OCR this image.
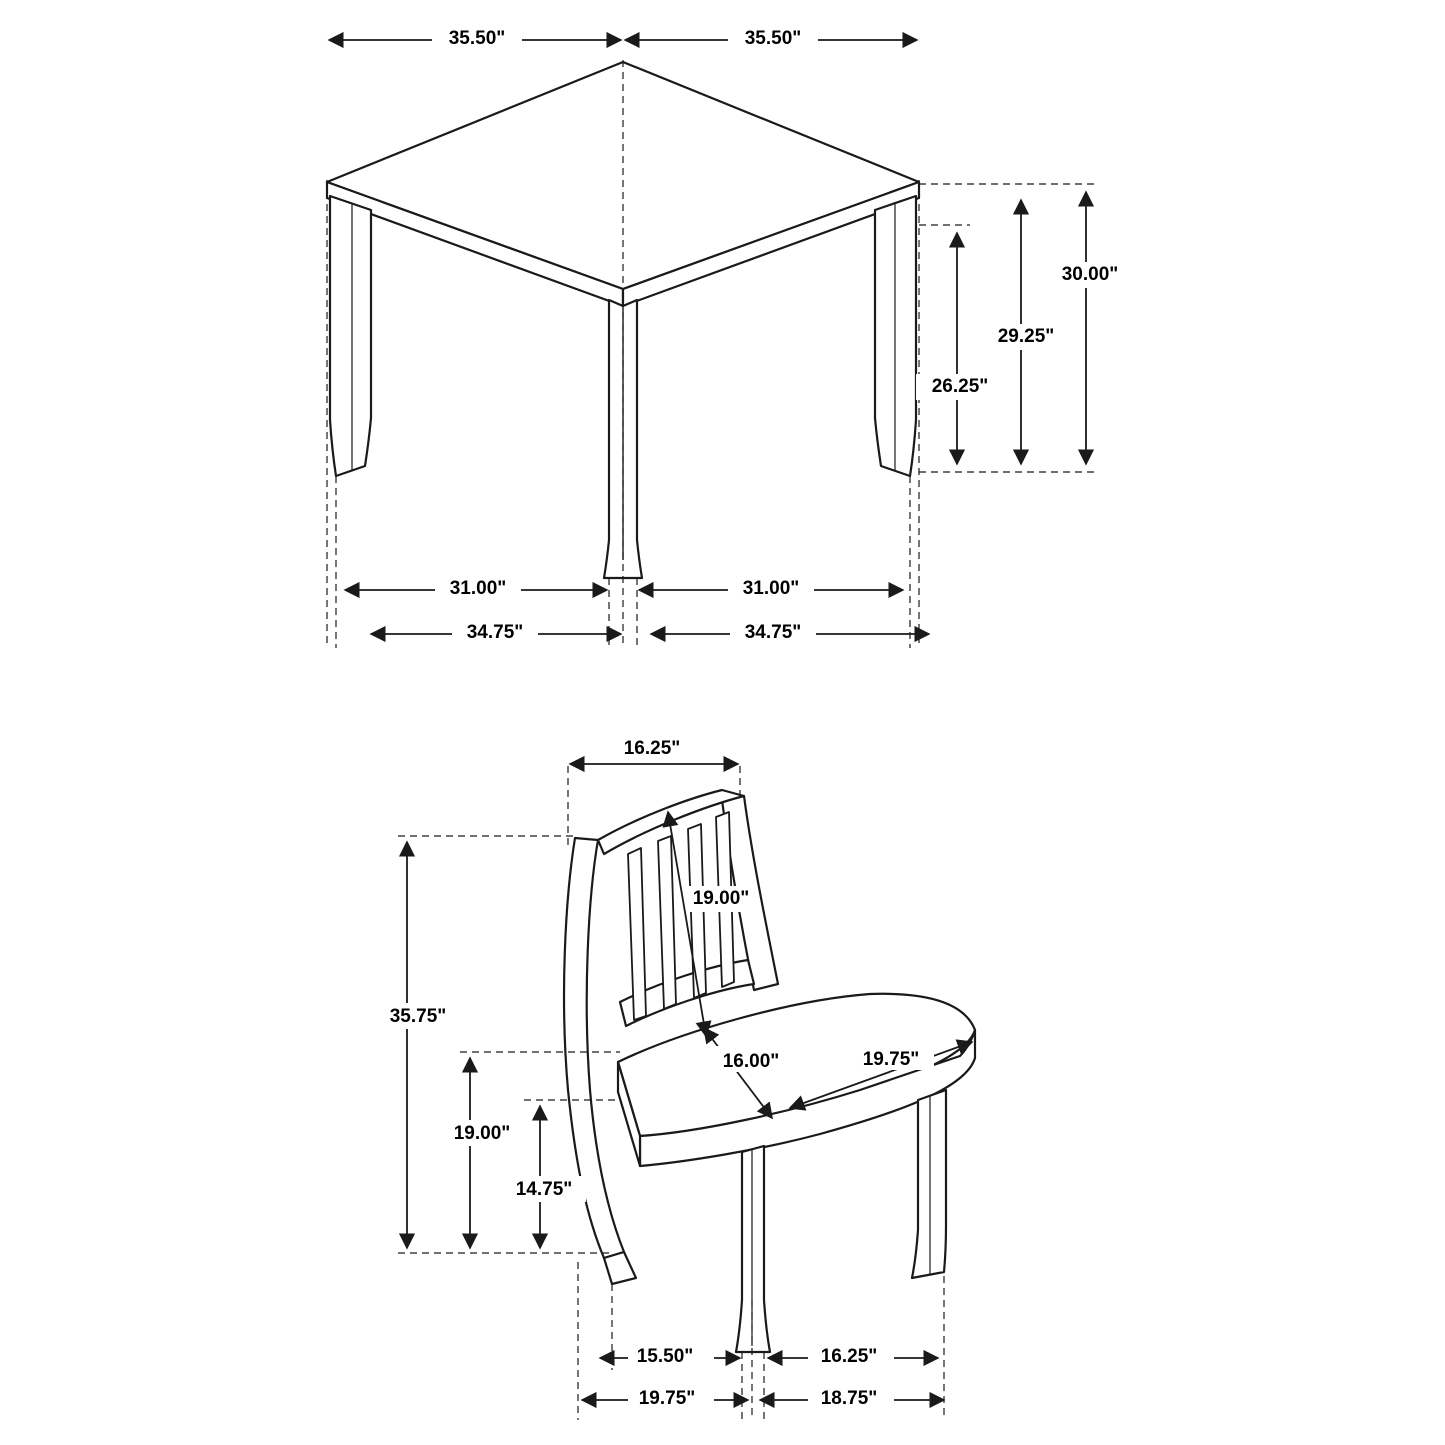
35.50"	35.50"
30.00"
29.25"
26.25"
31.00"	31.00"
34.75"	34.75"
16.25"
19.00"
35.75"
19.00"
14.75"
16.00"	19.75"
15.50"	16.25"
19.75"	18.75"
